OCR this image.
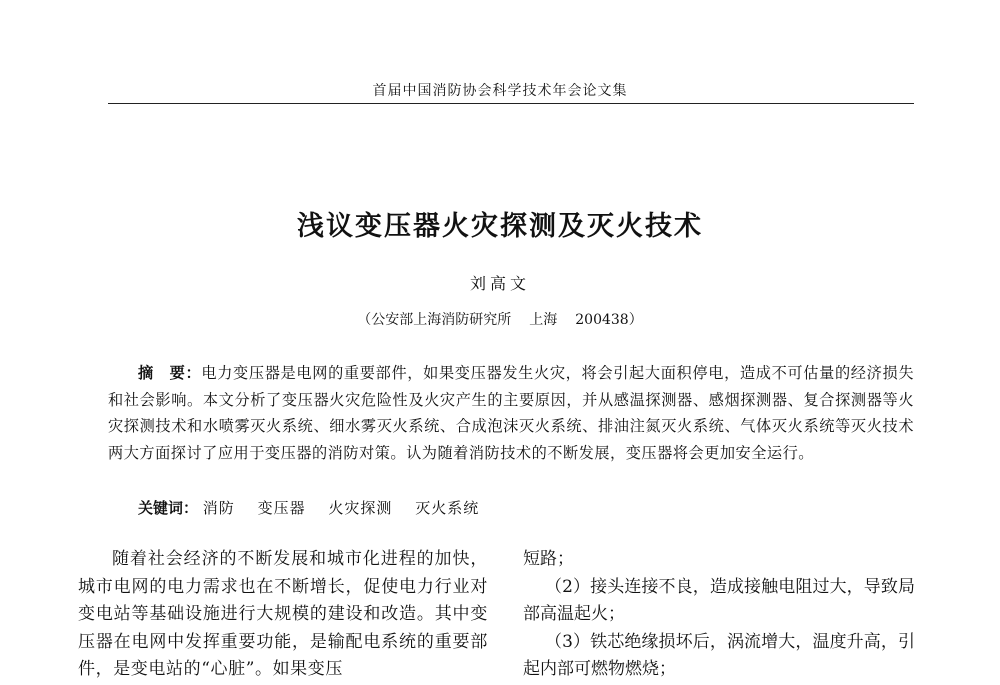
首届中国消防协会科学技术年会论文集
浅议变压器火灾探测及灭火技术
刘高文
（公安部上海消防研究所 上海 200438）
摘　要：电力变压器是电网的重要部件，如果变压器发生火灾，将会引起大面积停电，造成不可估量的经济损失和社会影响。本文分析了变压器火灾危险性及火灾产生的主要原因，并从感温探测器、感烟探测器、复合探测器等火灾探测技术和水喷雾灭火系统、细水雾灭火系统、合成泡沫灭火系统、排油注氮灭火系统、气体灭火系统等灭火技术两大方面探讨了应用于变压器的消防对策。认为随着消防技术的不断发展，变压器将会更加安全运行。
关键词： 消防 变压器 火灾探测 灭火系统
随着社会经济的不断发展和城市化进程的加快，城市电网的电力需求也在不断增长，促使电力行业对变电站等基础设施进行大规模的建设和改造。其中变压器在电网中发挥重要功能，是输配电系统的重要部件，是变电站的“心脏”。如果变压

短路；

（2）接头连接不良，造成接触电阻过大，导致局部高温起火；

（3）铁芯绝缘损坏后，涡流增大，温度升高，引起内部可燃物燃烧；
